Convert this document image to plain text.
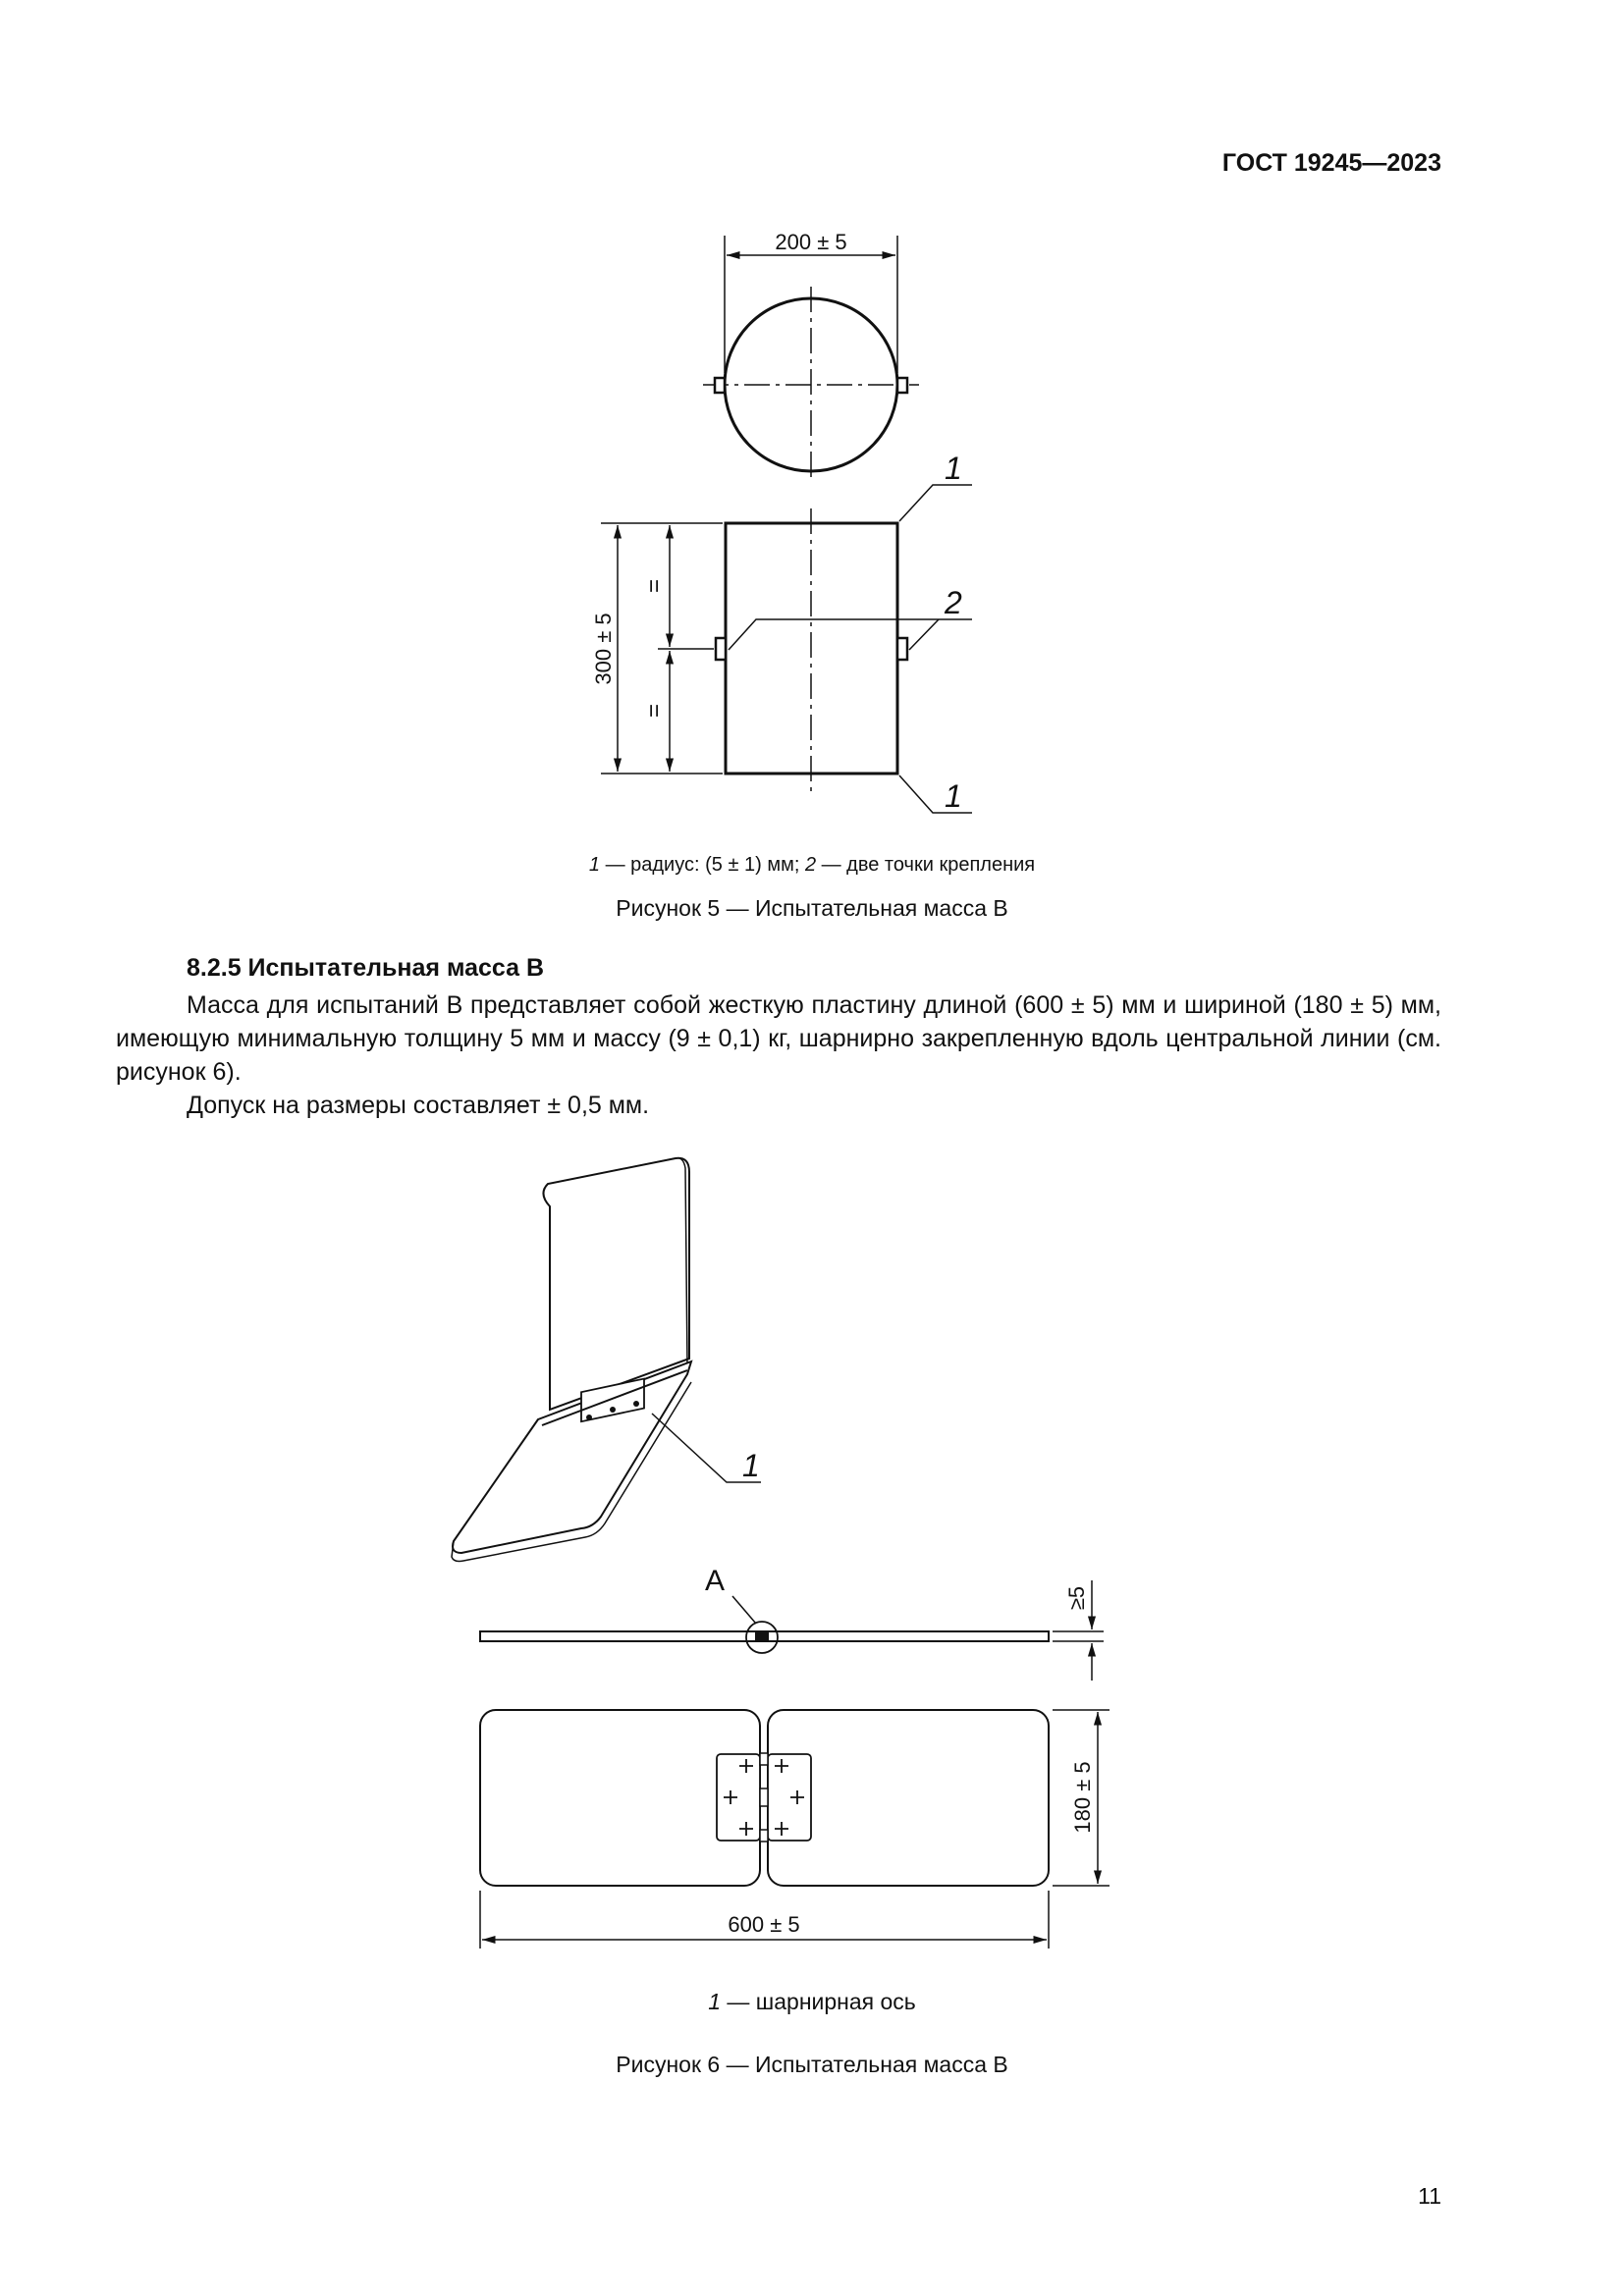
ГОСТ 19245—2023
200 ± 5
300 ± 5
=
=
1
2
1
1 — радиус: (5 ± 1) мм; 2 — две точки крепления
Рисунок 5 — Испытательная масса B
8.2.5 Испытательная масса B
Масса для испытаний B представляет собой жесткую пластину длиной (600 ± 5) мм и шириной (180 ± 5) мм, имеющую минимальную толщину 5 мм и массу (9 ± 0,1) кг, шарнирно закрепленную вдоль центральной линии (см. рисунок 6).
Допуск на размеры составляет ± 0,5 мм.
1
A
≥5
180 ± 5
600 ± 5
1 — шарнирная ось
Рисунок 6 — Испытательная масса B
11
